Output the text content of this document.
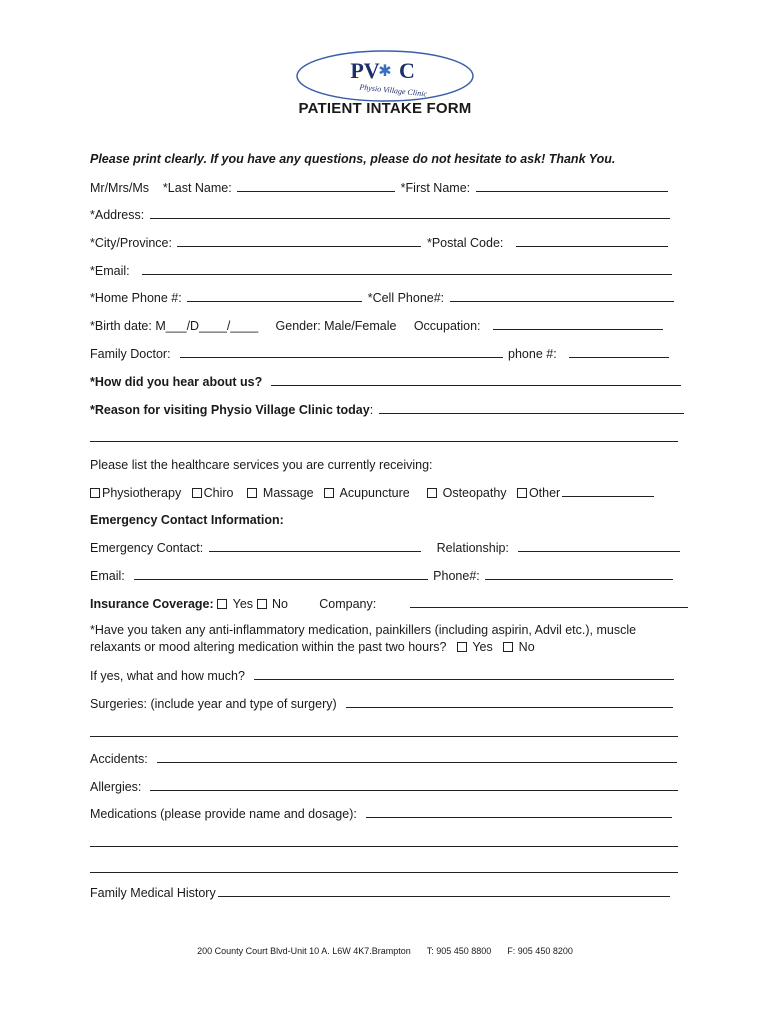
PV
✱ C
Physio Village Clinic
PATIENT INTAKE FORM
Please print clearly. If you have any questions, please do not hesitate to ask! Thank You.
Mr/Mrs/Ms *Last Name:	*First Name:
*Address:
*City/Province:	*Postal Code:
*Email:
*Home Phone #:	*Cell Phone#:
*Birth date: M___/D____/____ Gender: Male/Female Occupation:
Family Doctor:	phone #:
*How did you hear about us?
*Reason for visiting Physio Village Clinic today:
Please list the healthcare services you are currently receiving:
Physiotherapy Chiro Massage Acupuncture	Osteopathy Other
Emergency Contact Information:
Emergency Contact:	Relationship:
Email:	Phone#:
Insurance Coverage: Yes No	Company:
*Have you taken any anti-inflammatory medication, painkillers (including aspirin, Advil etc.), muscle
relaxants or mood altering medication within the past two hours? Yes No
If yes, what and how much?
Surgeries: (include year and type of surgery)
Accidents:
Allergies:
Medications (please provide name and dosage):
Family Medical History
200 County Court Blvd-Unit 10 A. L6W 4K7.Brampton T: 905 450 8800 F: 905 450 8200
